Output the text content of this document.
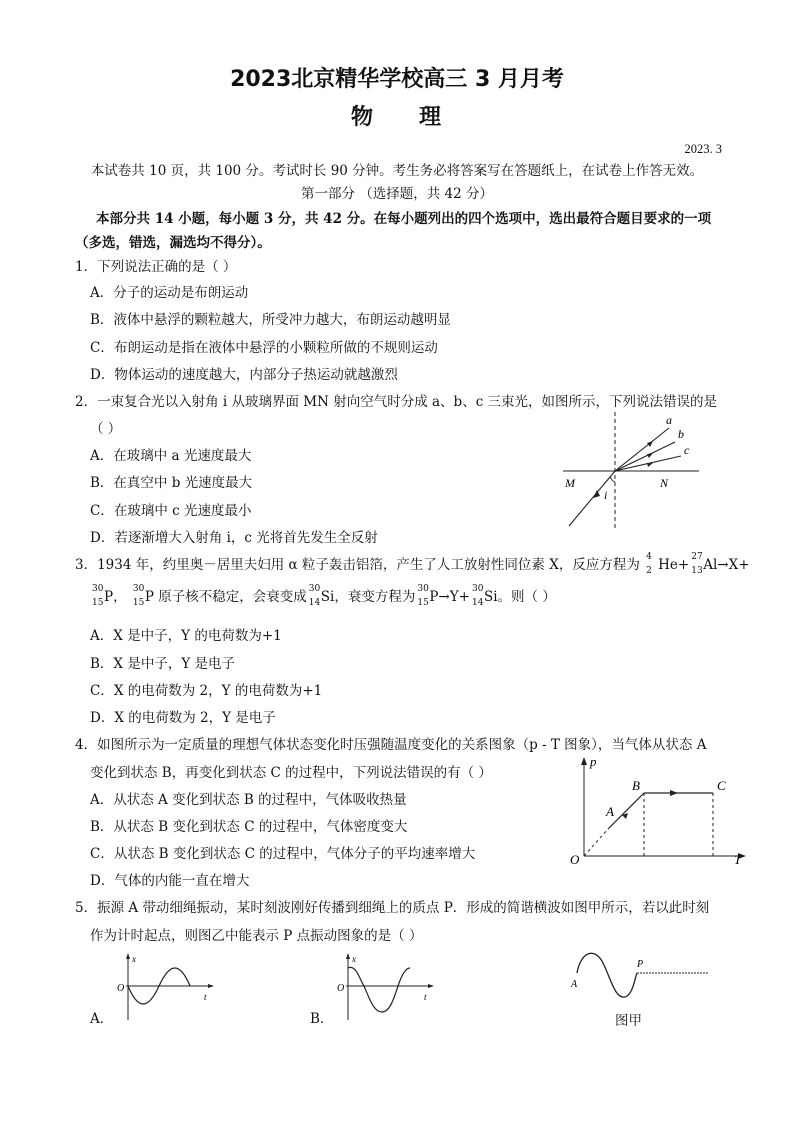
2023北京精华学校高三 3 月月考
物 理
2023. 3
本试卷共 10 页，共 100 分。考试时长 90 分钟。考生务必将答案写在答题纸上，在试卷上作答无效。
第一部分 （选择题，共 42 分）
本部分共 14 小题，每小题 3 分，共 42 分。在每小题列出的四个选项中，选出最符合题目要求的一项
（多选，错选，漏选均不得分）。
1．下列说法正确的是（ ）
A．分子的运动是布朗运动
B．液体中悬浮的颗粒越大，所受冲力越大，布朗运动越明显
C．布朗运动是指在液体中悬浮的小颗粒所做的不规则运动
D．物体运动的速度越大，内部分子热运动就越激烈
2．一束复合光以入射角 i 从玻璃界面 MN 射向空气时分成 a、b、c 三束光，如图所示，下列说法错误的是
（ ）
A．在玻璃中 a 光速度最大
B．在真空中 b 光速度最大
C．在玻璃中 c 光速度最小
D．若逐渐增大入射角 i，c 光将首先发生全反射
a
b
c
M	N
i
3．1934 年，约里奥－居里夫妇用 α 粒子轰击铝箔，产生了人工放射性同位素 X，反应方程为 4
2 He+ 27
13 Al→X+
30
15 P， 30
15 P 原子核不稳定，会衰变成 30
14 Si，衰变方程为 30
15 P→Y+ 30
14 Si。则（ ）
A．X 是中子，Y 的电荷数为+1
B．X 是中子，Y 是电子
C．X 的电荷数为 2，Y 的电荷数为+1
D．X 的电荷数为 2，Y 是电子
4．如图所示为一定质量的理想气体状态变化时压强随温度变化的关系图象（p - T 图象），当气体从状态 A
变化到状态 B，再变化到状态 C 的过程中，下列说法错误的有（ ）
A．从状态 A 变化到状态 B 的过程中，气体吸收热量
B．从状态 B 变化到状态 C 的过程中，气体密度变大
C．从状态 B 变化到状态 C 的过程中，气体分子的平均速率增大
D．气体的内能一直在增大
p
T
O
A
B	C
5．振源 A 带动细绳振动，某时刻波刚好传播到细绳上的质点 P．形成的简谐横波如图甲所示，若以此时刻
作为计时起点，则图乙中能表示 P 点振动图象的是（ ）
A．
x
O
t
B．
x
O
t
A
P
图甲
